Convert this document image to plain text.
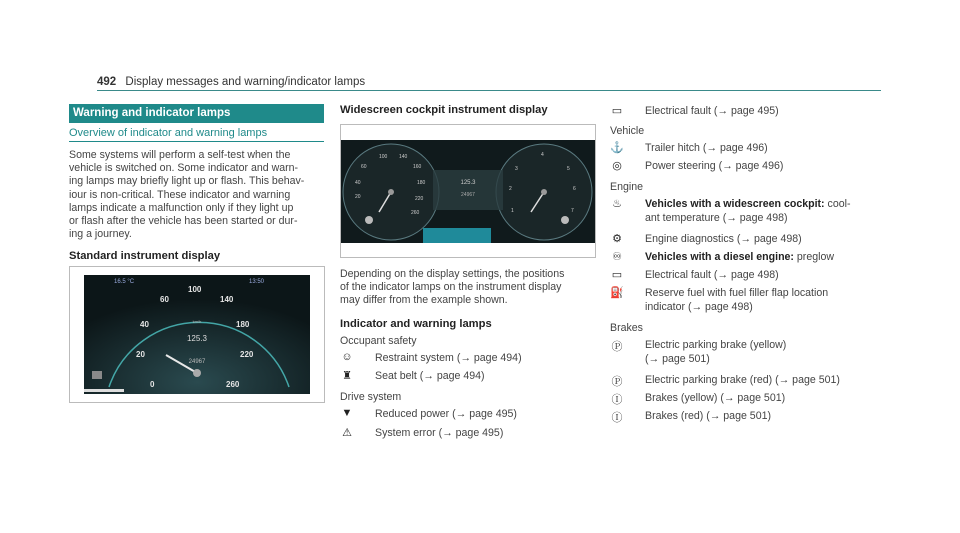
492 Display messages and warning/indicator lamps
Warning and indicator lamps
Overview of indicator and warning lamps
Some systems will perform a self-test when the
vehicle is switched on. Some indicator and warn-
ing lamps may briefly light up or flash. This behav-
iour is non-critical. These indicator and warning
lamps indicate a malfunction only if they light up
or flash after the vehicle has been started or dur-
ing a journey.
Standard instrument display
125.3
24967
km/h
16.5 °C	13:50
0
20
40
60
100
140
180
220
260
Widescreen cockpit instrument display
125.3
24967
20
40
60
100 140
160
180
220
260	1
2
3
4
5
6
7
Depending on the display settings, the positions
of the indicator lamps on the instrument display
may differ from the example shown.
Indicator and warning lamps
Occupant safety
☺ Restraint system (→ page 494)
♜ Seat belt (→ page 494)
Drive system
▼ Reduced power (→ page 495)
⚠ System error (→ page 495)
▭ Electrical fault (→ page 495)
Vehicle
⚓ Trailer hitch (→ page 496)
◎ Power steering (→ page 496)
Engine
♨ Vehicles with a widescreen cockpit: cool-
ant temperature (→ page 498)
⚙ Engine diagnostics (→ page 498)
♾ Vehicles with a diesel engine: preglow
▭ Electrical fault (→ page 498)
⛽ Reserve fuel with fuel filler flap location
indicator (→ page 498)
Brakes
Ⓟ Electric parking brake (yellow)
(→ page 501)
Ⓟ Electric parking brake (red) (→ page 501)
Ⓘ Brakes (yellow) (→ page 501)
Ⓘ Brakes (red) (→ page 501)
